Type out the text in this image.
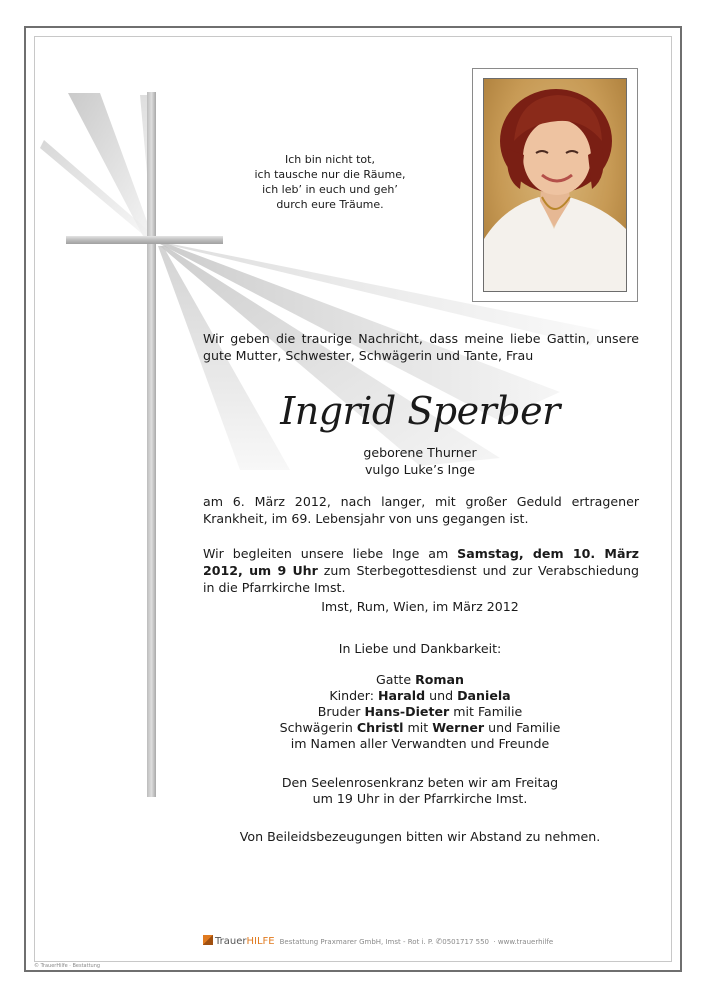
Ich bin nicht tot,
ich tausche nur die Räume,
ich leb’ in euch und geh’
durch eure Träume.
Wir geben die traurige Nachricht, dass meine liebe Gattin, unsere gute Mutter, Schwester, Schwägerin und Tante, Frau
Ingrid Sperber
geborene Thurner
vulgo Luke’s Inge
am 6. März 2012, nach langer, mit großer Geduld ertragener Krankheit, im 69. Lebensjahr von uns gegangen ist.
Wir begleiten unsere liebe Inge am Samstag, dem 10. März 2012, um 9 Uhr zum Sterbegottesdienst und zur Verabschiedung in die Pfarrkirche Imst.
Imst, Rum, Wien, im März 2012
In Liebe und Dankbarkeit:
Gatte Roman
Kinder: Harald und Daniela
Bruder Hans-Dieter mit Familie
Schwägerin Christl mit Werner und Familie
im Namen aller Verwandten und Freunde
Den Seelenrosenkranz beten wir am Freitag
um 19 Uhr in der Pfarrkirche Imst.
Von Beileidsbezeugungen bitten wir Abstand zu nehmen.
TrauerHILFE Bestattung Praxmarer GmbH, Imst - Rot i. P. ✆0501717 550  · www.trauerhilfe
© TrauerHilfe · Bestattung
